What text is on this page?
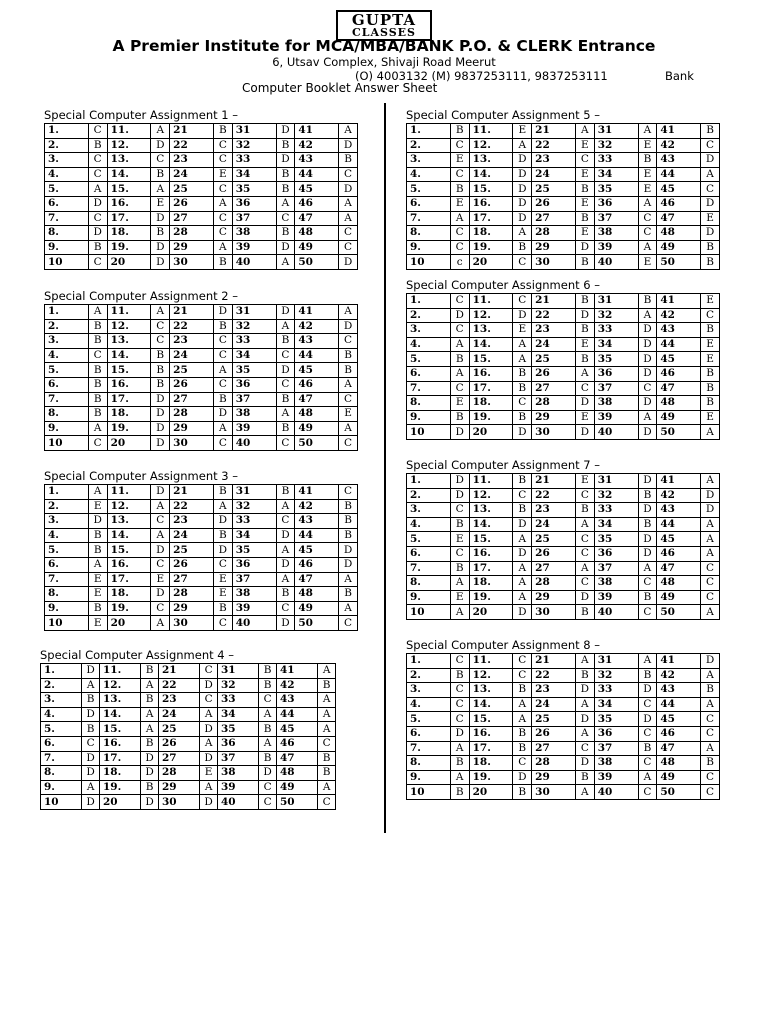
GUPTA
CLASSES
A Premier Institute for MCA/MBA/BANK P.O. & CLERK Entrance
6, Utsav Complex, Shivaji Road Meerut
(O) 4003132 (M) 9837253111, 9837253111	Bank
Computer Booklet Answer Sheet
Special Computer Assignment 1 –
1.	C	11.	A	21	B	31	D	41	A
2.	B	12.	D	22	C	32	B	42	D
3.	C	13.	C	23	C	33	D	43	B
4.	C	14.	B	24	E	34	B	44	C
5.	A	15.	A	25	C	35	B	45	D
6.	D	16.	E	26	A	36	A	46	A
7.	C	17.	D	27	C	37	C	47	A
8.	D	18.	B	28	C	38	B	48	C
9.	B	19.	D	29	A	39	D	49	C
10	C	20	D	30	B	40	A	50	D
Special Computer Assignment 2 –
1.	A	11.	A	21	D	31	D	41	A
2.	B	12.	C	22	B	32	A	42	D
3.	B	13.	C	23	C	33	B	43	C
4.	C	14.	B	24	C	34	C	44	B
5.	B	15.	B	25	A	35	D	45	B
6.	B	16.	B	26	C	36	C	46	A
7.	B	17.	D	27	B	37	B	47	C
8.	B	18.	D	28	D	38	A	48	E
9.	A	19.	D	29	A	39	B	49	A
10	C	20	D	30	C	40	C	50	C
Special Computer Assignment 3 –
1.	A	11.	D	21	B	31	B	41	C
2.	E	12.	A	22	A	32	A	42	B
3.	D	13.	C	23	D	33	C	43	B
4.	B	14.	A	24	B	34	D	44	B
5.	B	15.	D	25	D	35	A	45	D
6.	A	16.	C	26	C	36	D	46	D
7.	E	17.	E	27	E	37	A	47	A
8.	E	18.	D	28	E	38	B	48	B
9.	B	19.	C	29	B	39	C	49	A
10	E	20	A	30	C	40	D	50	C
Special Computer Assignment 4 –
1.	D	11.	B	21	C	31	B	41	A
2.	A	12.	A	22	D	32	B	42	B
3.	B	13.	B	23	C	33	C	43	A
4.	D	14.	A	24	A	34	A	44	A
5.	B	15.	A	25	D	35	B	45	A
6.	C	16.	B	26	A	36	A	46	C
7.	D	17.	D	27	D	37	B	47	B
8.	D	18.	D	28	E	38	D	48	B
9.	A	19.	B	29	A	39	C	49	A
10	D	20	D	30	D	40	C	50	C
Special Computer Assignment 5 –
1.	B	11.	E	21	A	31	A	41	B
2.	C	12.	A	22	E	32	E	42	C
3.	E	13.	D	23	C	33	B	43	D
4.	C	14.	D	24	E	34	E	44	A
5.	B	15.	D	25	B	35	E	45	C
6.	E	16.	D	26	E	36	A	46	D
7.	A	17.	D	27	B	37	C	47	E
8.	C	18.	A	28	E	38	C	48	D
9.	C	19.	B	29	D	39	A	49	B
10	c	20	C	30	B	40	E	50	B
Special Computer Assignment 6 –
1.	C	11.	C	21	B	31	B	41	E
2.	D	12.	D	22	D	32	A	42	C
3.	C	13.	E	23	B	33	D	43	B
4.	A	14.	A	24	E	34	D	44	E
5.	B	15.	A	25	B	35	D	45	E
6.	A	16.	B	26	A	36	D	46	B
7.	C	17.	B	27	C	37	C	47	B
8.	E	18.	C	28	D	38	D	48	B
9.	B	19.	B	29	E	39	A	49	E
10	D	20	D	30	D	40	D	50	A
Special Computer Assignment 7 –
1.	D	11.	B	21	E	31	D	41	A
2.	D	12.	C	22	C	32	B	42	D
3.	C	13.	B	23	B	33	D	43	D
4.	B	14.	D	24	A	34	B	44	A
5.	E	15.	A	25	C	35	D	45	A
6.	C	16.	D	26	C	36	D	46	A
7.	B	17.	A	27	A	37	A	47	C
8.	A	18.	A	28	C	38	C	48	C
9.	E	19.	A	29	D	39	B	49	C
10	A	20	D	30	B	40	C	50	A
Special Computer Assignment 8 –
1.	C	11.	C	21	A	31	A	41	D
2.	B	12.	C	22	B	32	B	42	A
3.	C	13.	B	23	D	33	D	43	B
4.	C	14.	A	24	A	34	C	44	A
5.	C	15.	A	25	D	35	D	45	C
6.	D	16.	B	26	A	36	C	46	C
7.	A	17.	B	27	C	37	B	47	A
8.	B	18.	C	28	D	38	C	48	B
9.	A	19.	D	29	B	39	A	49	C
10	B	20	B	30	A	40	C	50	C
